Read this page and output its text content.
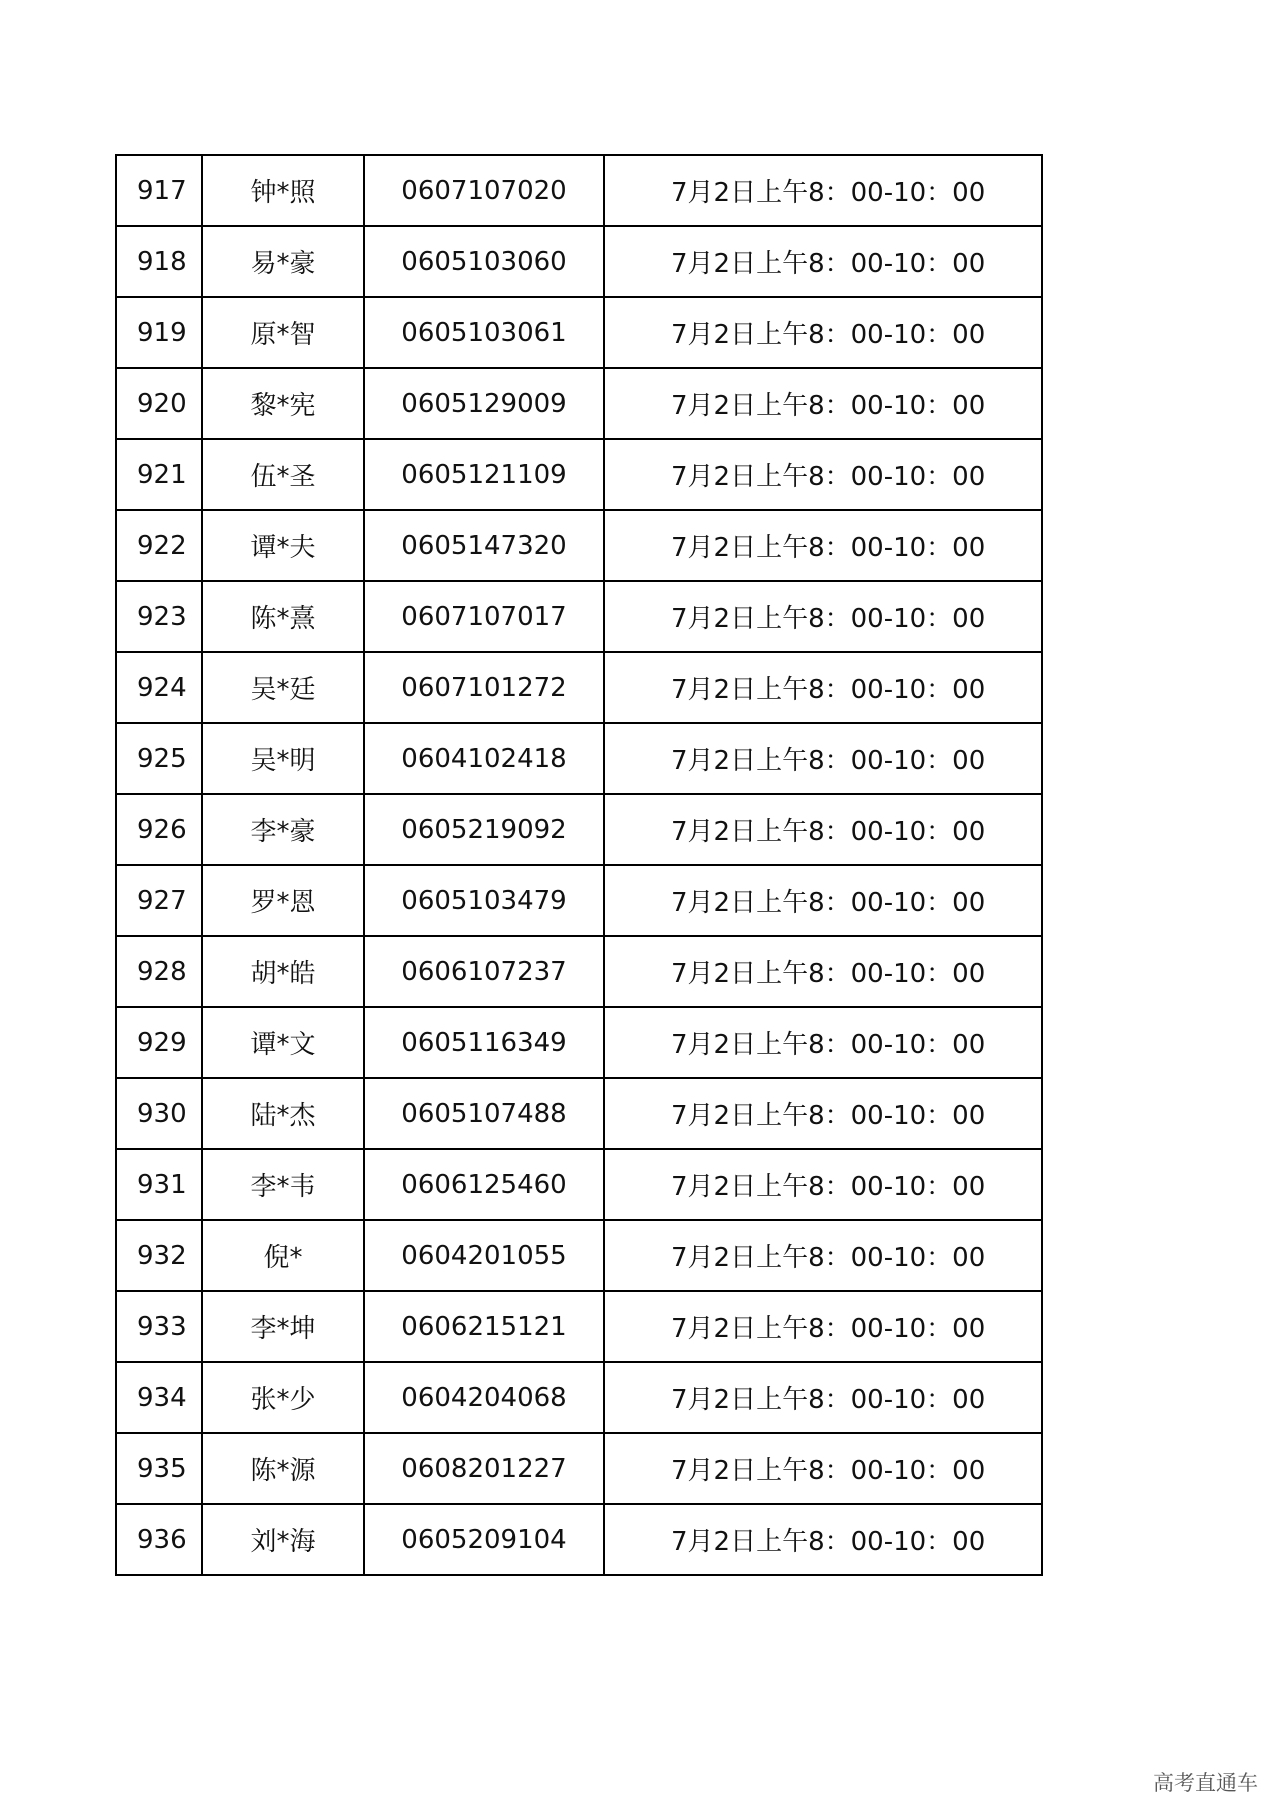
917	钟*照	0607107020	7月2日上午8：00-10：00
918	易*豪	0605103060	7月2日上午8：00-10：00
919	原*智	0605103061	7月2日上午8：00-10：00
920	黎*宪	0605129009	7月2日上午8：00-10：00
921	伍*圣	0605121109	7月2日上午8：00-10：00
922	谭*夫	0605147320	7月2日上午8：00-10：00
923	陈*熹	0607107017	7月2日上午8：00-10：00
924	吴*廷	0607101272	7月2日上午8：00-10：00
925	吴*明	0604102418	7月2日上午8：00-10：00
926	李*豪	0605219092	7月2日上午8：00-10：00
927	罗*恩	0605103479	7月2日上午8：00-10：00
928	胡*皓	0606107237	7月2日上午8：00-10：00
929	谭*文	0605116349	7月2日上午8：00-10：00
930	陆*杰	0605107488	7月2日上午8：00-10：00
931	李*韦	0606125460	7月2日上午8：00-10：00
932	倪*	0604201055	7月2日上午8：00-10：00
933	李*坤	0606215121	7月2日上午8：00-10：00
934	张*少	0604204068	7月2日上午8：00-10：00
935	陈*源	0608201227	7月2日上午8：00-10：00
936	刘*海	0605209104	7月2日上午8：00-10：00
高考直通车
